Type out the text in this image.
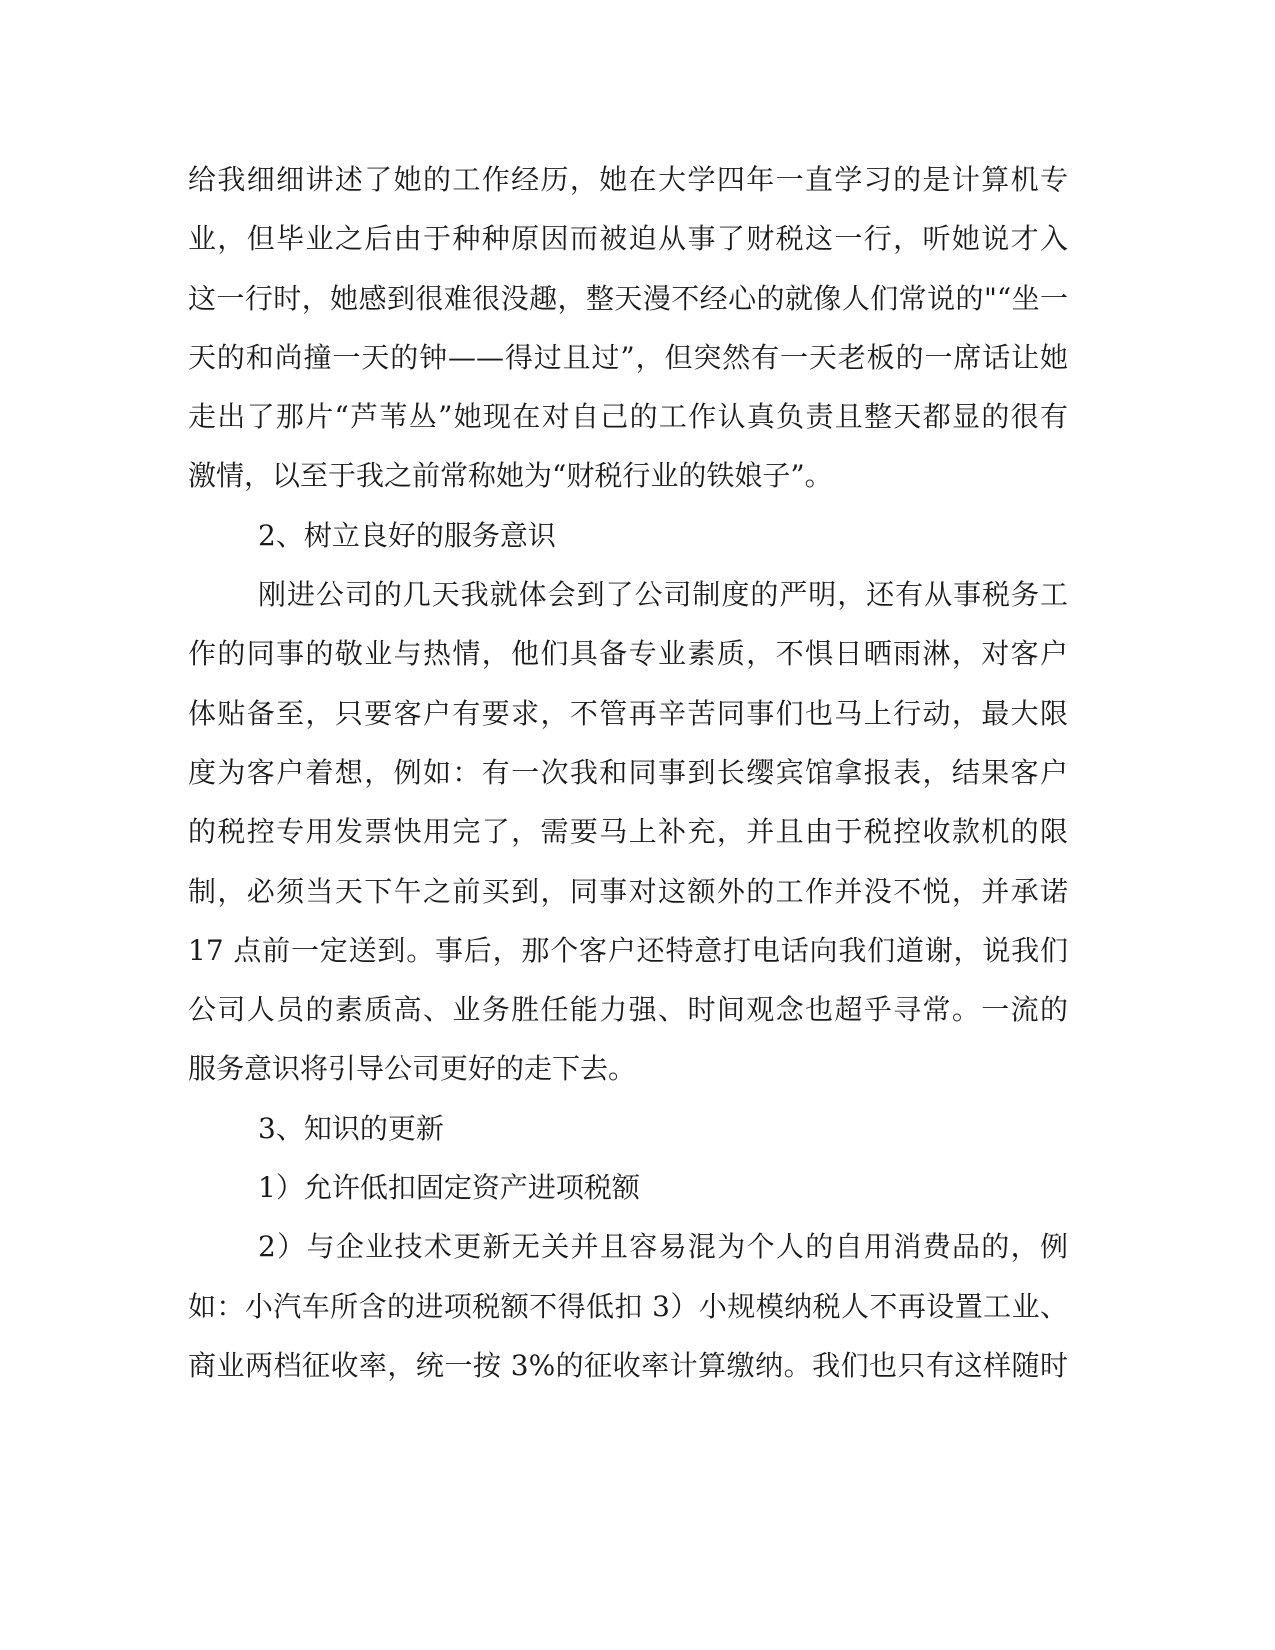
给我细细讲述了她的工作经历，她在大学四年一直学习的是计算机专
业，但毕业之后由于种种原因而被迫从事了财税这一行，听她说才入
这一行时，她感到很难很没趣，整天漫不经心的就像人们常说的"“坐一
天的和尚撞一天的钟——得过且过”，但突然有一天老板的一席话让她
走出了那片“芦苇丛”她现在对自己的工作认真负责且整天都显的很有
激情，以至于我之前常称她为“财税行业的铁娘子”。
2、树立良好的服务意识
刚进公司的几天我就体会到了公司制度的严明，还有从事税务工
作的同事的敬业与热情，他们具备专业素质，不惧日晒雨淋，对客户
体贴备至，只要客户有要求，不管再辛苦同事们也马上行动，最大限
度为客户着想，例如：有一次我和同事到长缨宾馆拿报表，结果客户
的税控专用发票快用完了，需要马上补充，并且由于税控收款机的限
制，必须当天下午之前买到，同事对这额外的工作并没不悦，并承诺
17 点前一定送到。事后，那个客户还特意打电话向我们道谢，说我们
公司人员的素质高、业务胜任能力强、时间观念也超乎寻常。一流的
服务意识将引导公司更好的走下去。
3、知识的更新
1）允许低扣固定资产进项税额
2）与企业技术更新无关并且容易混为个人的自用消费品的，例
如：小汽车所含的进项税额不得低扣 3）小规模纳税人不再设置工业、
商业两档征收率，统一按 3%的征收率计算缴纳。我们也只有这样随时
